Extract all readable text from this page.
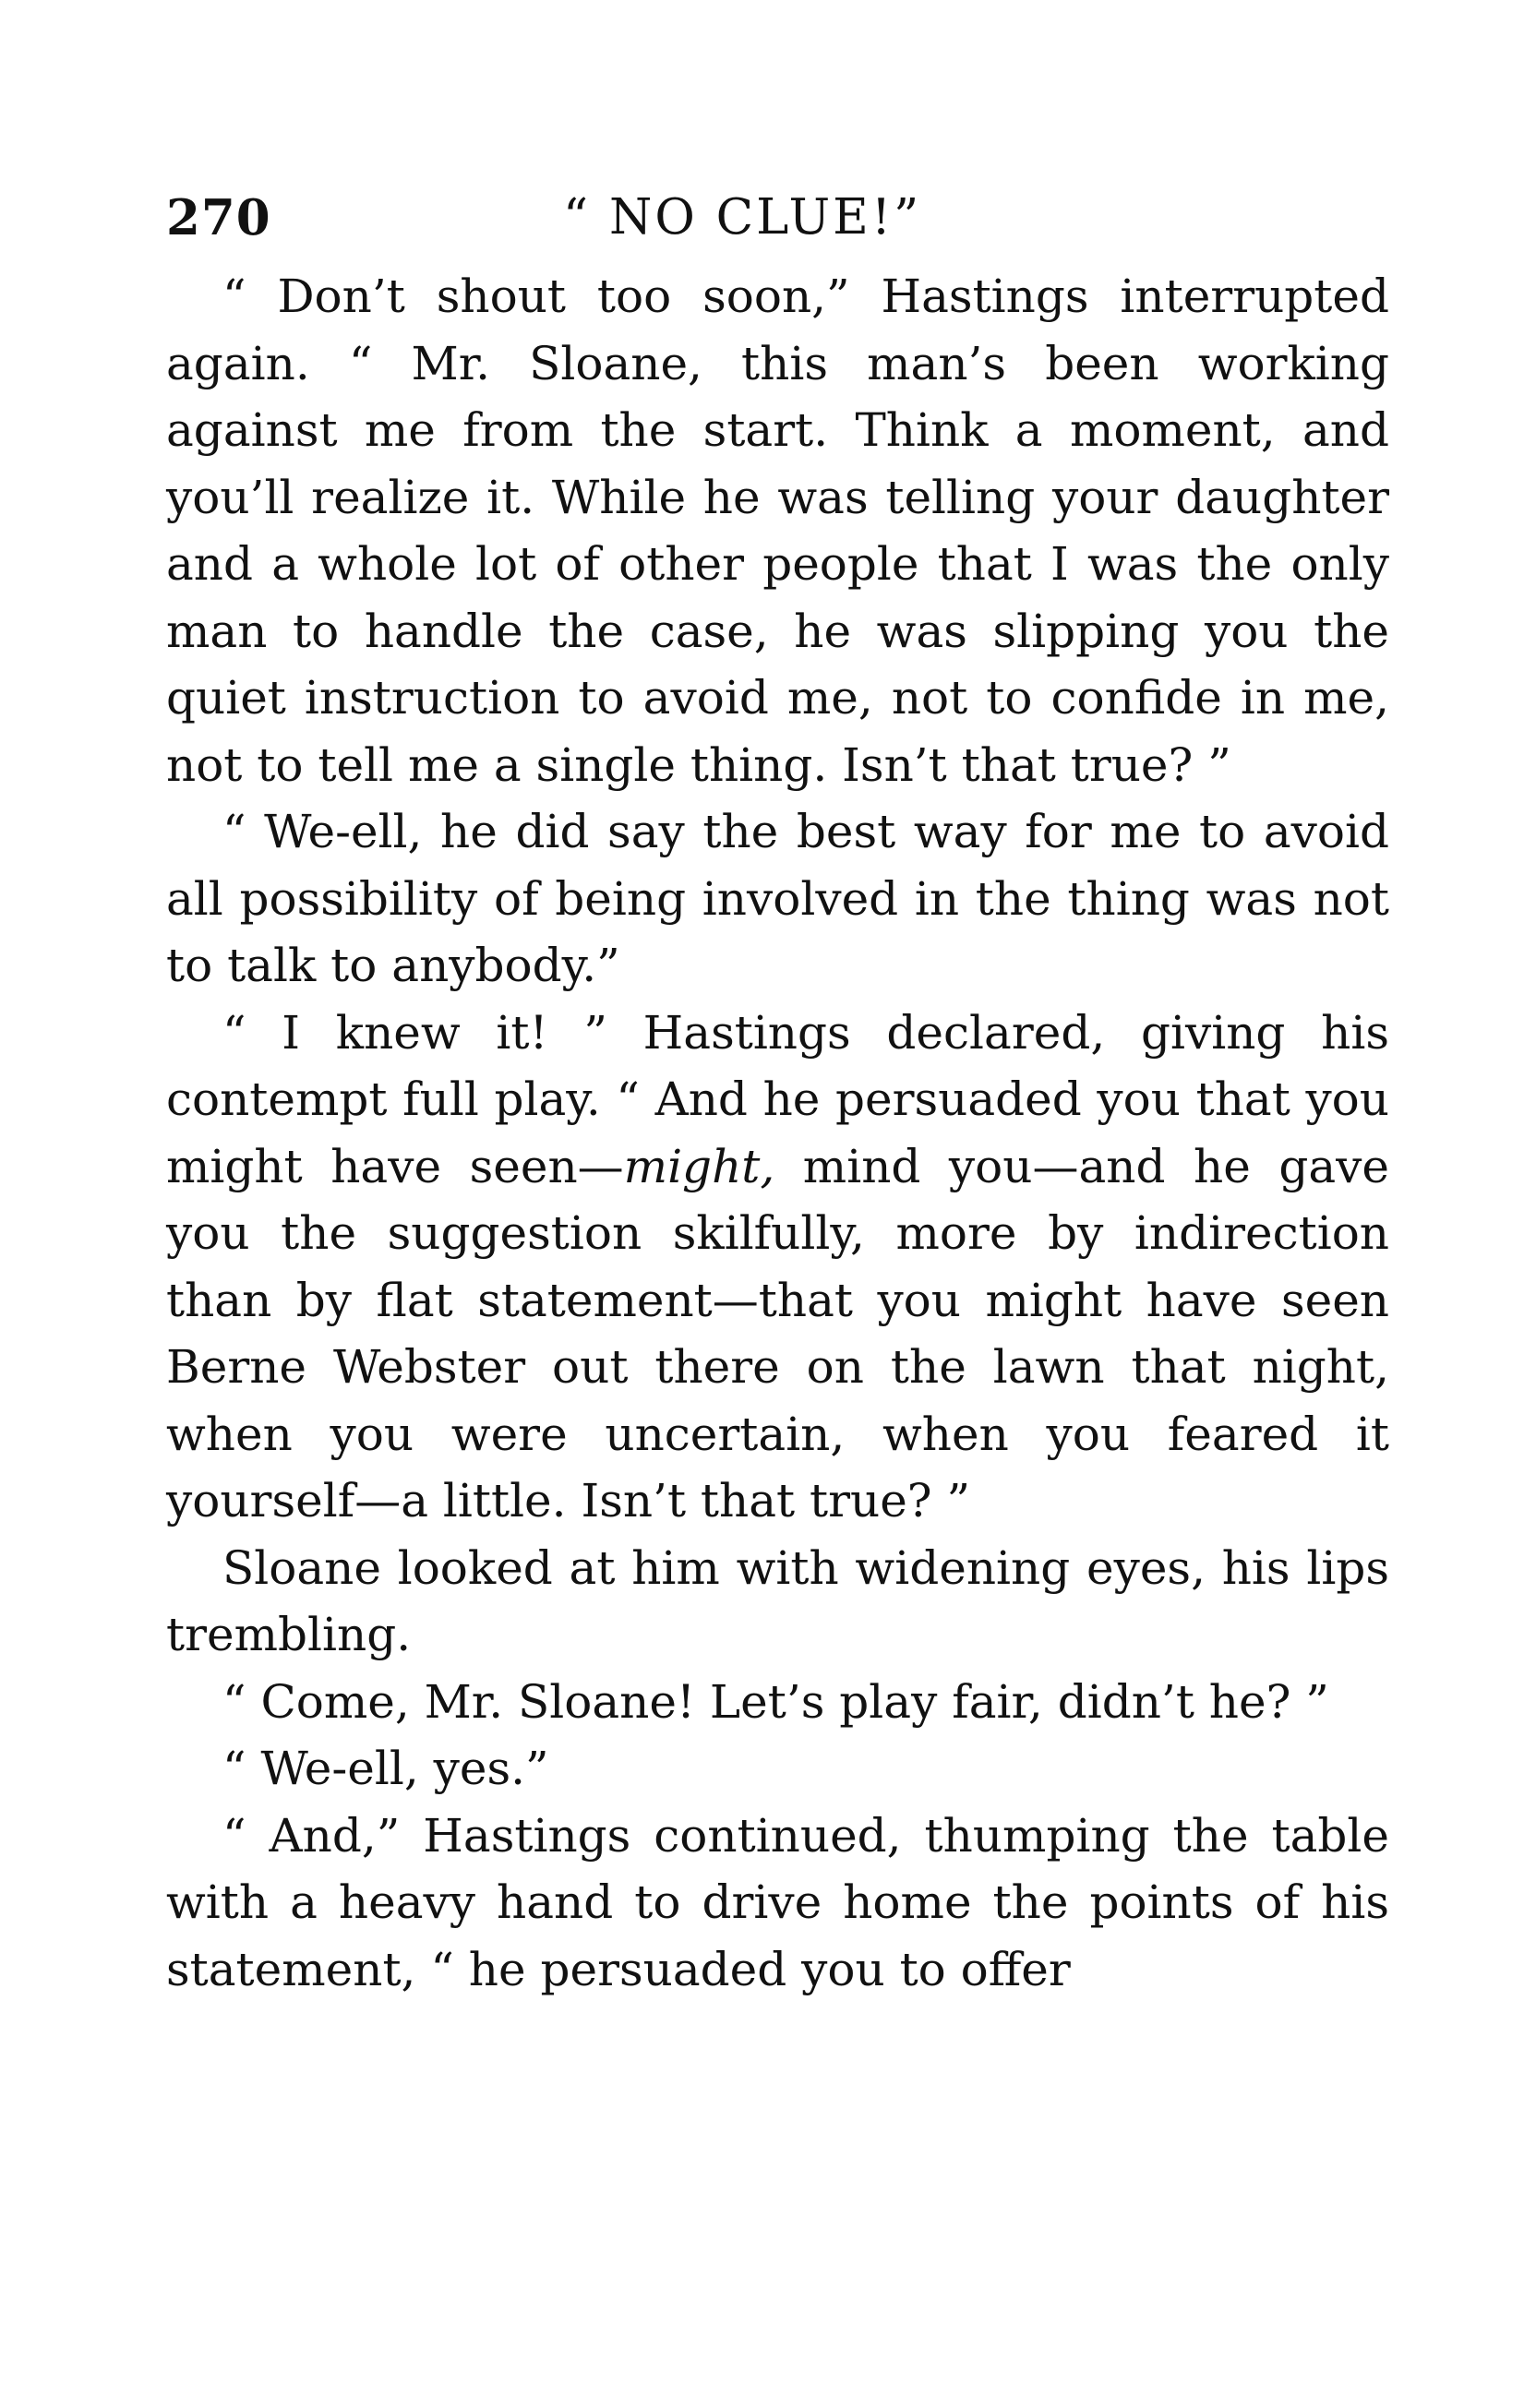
270	“ NO CLUE!”

“ Don’t shout too soon,” Hastings interrupted again. “ Mr. Sloane, this man’s been working against me from the start. Think a moment, and you’ll realize it. While he was telling your daughter and a whole lot of other people that I was the only man to handle the case, he was slipping you the quiet instruction to avoid me, not to confide in me, not to tell me a single thing. Isn’t that true? ”

“ We-ell, he did say the best way for me to avoid all possibility of being involved in the thing was not to talk to anybody.”

“ I knew it! ” Hastings declared, giving his contempt full play. “ And he persuaded you that you might have seen—might, mind you—and he gave you the suggestion skilfully, more by indirection than by flat statement—that you might have seen Berne Webster out there on the lawn that night, when you were uncertain, when you feared it yourself—a little. Isn’t that true? ”

Sloane looked at him with widening eyes, his lips trembling.

“ Come, Mr. Sloane! Let’s play fair, didn’t he? ”

“ We-ell, yes.”

“ And,” Hastings continued, thumping the table with a heavy hand to drive home the points of his statement, “ he persuaded you to offer
